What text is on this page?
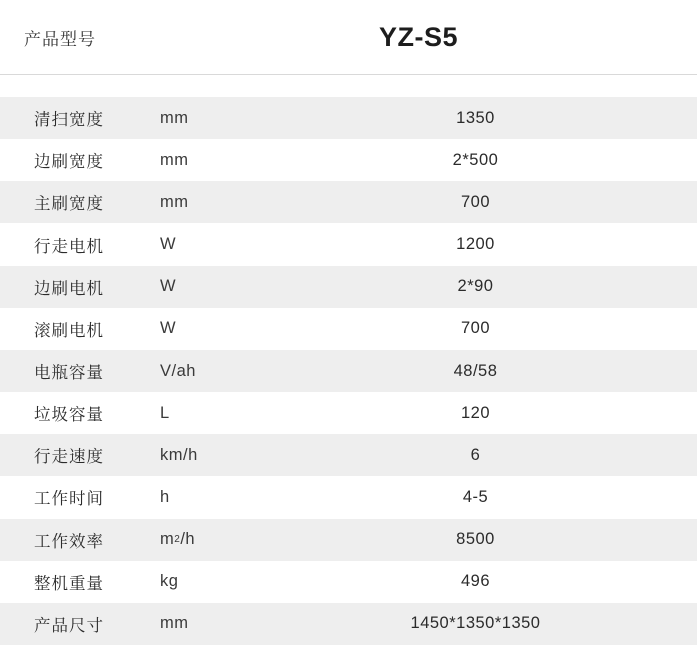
产品型号	YZ-S5
清扫宽度	mm	1350
边刷宽度	mm	2*500
主刷宽度	mm	700
行走电机	W	1200
边刷电机	W	2*90
滚刷电机	W	700
电瓶容量	V/ah	48/58
垃圾容量	L	120
行走速度	km/h	6
工作时间	h	4-5
工作效率	m 2 /h	8500
整机重量	kg	496
产品尺寸	mm	1450*1350*1350
